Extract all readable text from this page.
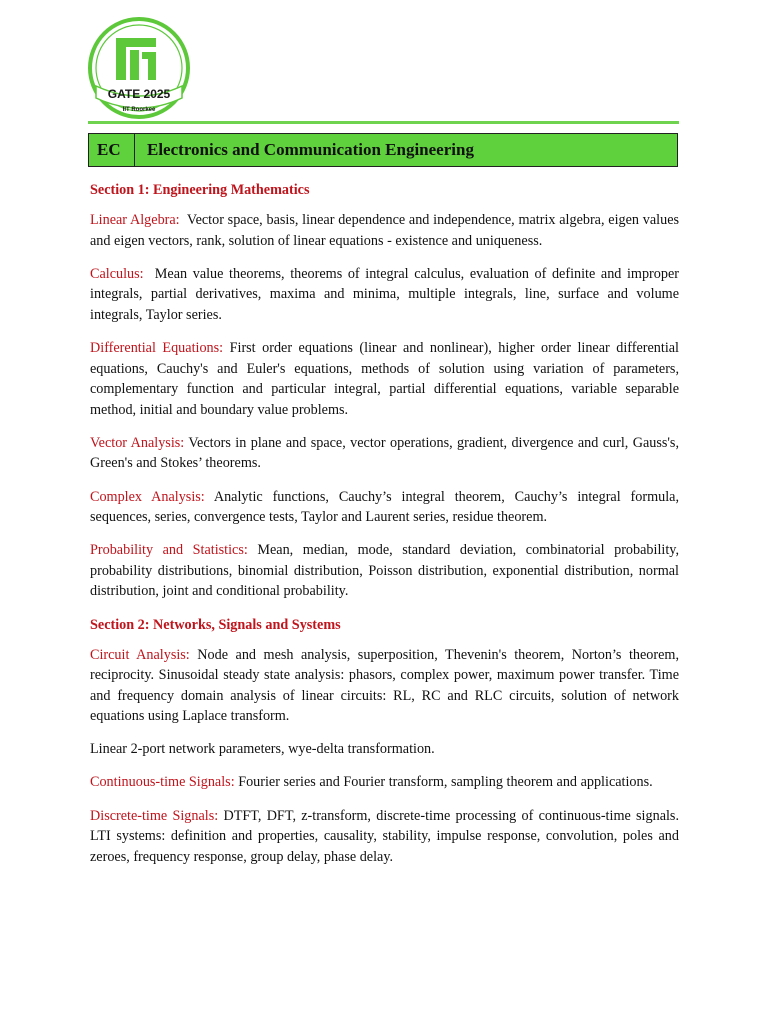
GATE 2025
IIT Roorkee
EC	Electronics and Communication Engineering
Section 1: Engineering Mathematics

Linear Algebra:  Vector space, basis, linear dependence and independence, matrix algebra, eigen values and eigen vectors, rank, solution of linear equations - existence and uniqueness.

Calculus:  Mean value theorems, theorems of integral calculus, evaluation of definite and improper integrals, partial derivatives, maxima and minima, multiple integrals, line, surface and volume integrals, Taylor series.

Differential Equations: First order equations (linear and nonlinear), higher order linear differential equations, Cauchy's and Euler's equations, methods of solution using variation of parameters, complementary function and particular integral, partial differential equations, variable separable method, initial and boundary value problems.

Vector Analysis: Vectors in plane and space, vector operations, gradient, divergence and curl, Gauss's, Green's and Stokes’ theorems.

Complex Analysis: Analytic functions, Cauchy’s integral theorem, Cauchy’s integral formula, sequences, series, convergence tests, Taylor and Laurent series, residue theorem.

Probability and Statistics: Mean, median, mode, standard deviation, combinatorial probability, probability distributions, binomial distribution, Poisson distribution, exponential distribution, normal distribution, joint and conditional probability.

Section 2: Networks, Signals and Systems

Circuit Analysis: Node and mesh analysis, superposition, Thevenin's theorem, Norton’s theorem, reciprocity. Sinusoidal steady state analysis: phasors, complex power, maximum power transfer. Time and frequency domain analysis of linear circuits: RL, RC and RLC circuits, solution of network equations using Laplace transform.

Linear 2-port network parameters, wye-delta transformation.

Continuous-time Signals: Fourier series and Fourier transform, sampling theorem and applications.

Discrete-time Signals: DTFT, DFT, z-transform, discrete-time processing of continuous-time signals. LTI systems: definition and properties, causality, stability, impulse response, convolution, poles and zeroes, frequency response, group delay, phase delay.
